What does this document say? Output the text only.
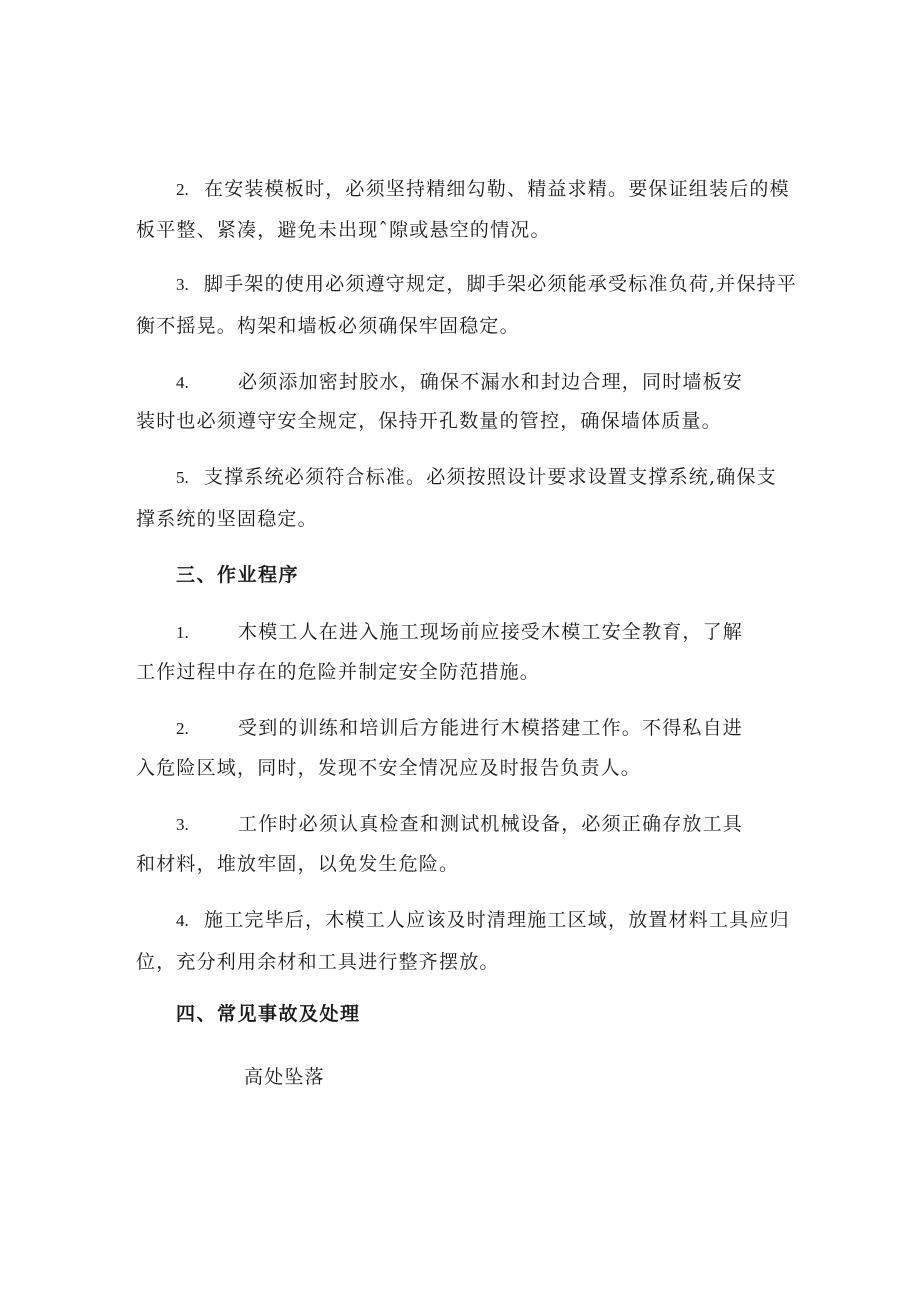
2. 在安装模板时，必须坚持精细勾勒、精益求精。要保证组装后的模
板平整、紧凑，避免未出现ˆ隙或悬空的情况。
3. 脚手架的使用必须遵守规定，脚手架必须能承受标准负荷,并保持平
衡不摇晃。构架和墙板必须确保牢固稳定。
4.	必须添加密封胶水，确保不漏水和封边合理，同时墙板安
装时也必须遵守安全规定，保持开孔数量的管控，确保墙体质量。
5. 支撑系统必须符合标准。必须按照设计要求设置支撑系统,确保支
撑系统的坚固稳定。
三、作业程序
1.	木模工人在进入施工现场前应接受木模工安全教育，了解
工作过程中存在的危险并制定安全防范措施。
2.	受到的训练和培训后方能进行木模搭建工作。不得私自进
入危险区域，同时，发现不安全情况应及时报告负责人。
3.	工作时必须认真检查和测试机械设备，必须正确存放工具
和材料，堆放牢固，以免发生危险。
4. 施工完毕后，木模工人应该及时清理施工区域，放置材料工具应归
位，充分利用余材和工具进行整齐摆放。
四、常见事故及处理
高处坠落
